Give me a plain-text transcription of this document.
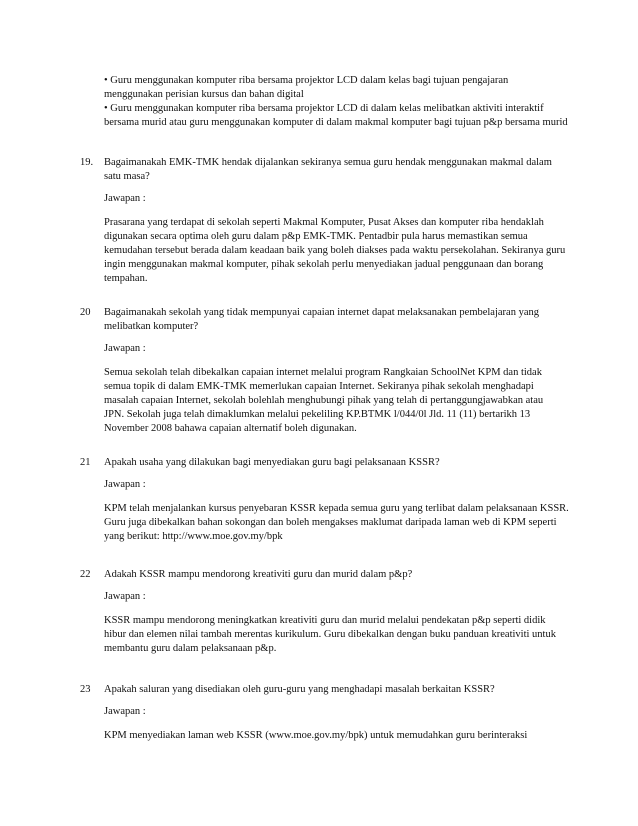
• Guru menggunakan komputer riba bersama projektor LCD dalam kelas bagi tujuan pengajaran

menggunakan perisian kursus dan bahan digital

• Guru menggunakan komputer riba bersama projektor LCD di dalam kelas melibatkan aktiviti interaktif

bersama murid atau guru menggunakan komputer di dalam makmal komputer bagi tujuan p&p bersama murid

19.	Bagaimanakah EMK-TMK hendak dijalankan sekiranya semua guru hendak menggunakan makmal dalam

satu masa?

Jawapan :

Prasarana yang terdapat di sekolah seperti Makmal Komputer, Pusat Akses dan komputer riba hendaklah

digunakan secara optima oleh guru dalam p&p EMK-TMK. Pentadbir pula harus memastikan semua

kemudahan tersebut berada dalam keadaan baik yang boleh diakses pada waktu persekolahan. Sekiranya guru

ingin menggunakan makmal komputer, pihak sekolah perlu menyediakan jadual penggunaan dan borang

tempahan.

20	Bagaimanakah sekolah yang tidak mempunyai capaian internet dapat melaksanakan pembelajaran yang

melibatkan komputer?

Jawapan :

Semua sekolah telah dibekalkan capaian internet melalui program Rangkaian SchoolNet KPM dan tidak

semua topik di dalam EMK-TMK memerlukan capaian Internet. Sekiranya pihak sekolah menghadapi

masalah capaian Internet, sekolah bolehlah menghubungi pihak yang telah di pertanggungjawabkan atau

JPN. Sekolah juga telah dimaklumkan melalui pekeliling KP.BTMK l/044/0l Jld. 11 (11) bertarikh 13

November 2008 bahawa capaian alternatif boleh digunakan.

21	Apakah usaha yang dilakukan bagi menyediakan guru bagi pelaksanaan KSSR?

Jawapan :

KPM telah menjalankan kursus penyebaran KSSR kepada semua guru yang terlibat dalam pelaksanaan KSSR.

Guru juga dibekalkan bahan sokongan dan boleh mengakses maklumat daripada laman web di KPM seperti

yang berikut: http://www.moe.gov.my/bpk

22	Adakah KSSR mampu mendorong kreativiti guru dan murid dalam p&p?

Jawapan :

KSSR mampu mendorong meningkatkan kreativiti guru dan murid melalui pendekatan p&p seperti didik

hibur dan elemen nilai tambah merentas kurikulum. Guru dibekalkan dengan buku panduan kreativiti untuk

membantu guru dalam pelaksanaan p&p.

23	Apakah saluran yang disediakan oleh guru-guru yang menghadapi masalah berkaitan KSSR?

Jawapan :

KPM menyediakan laman web KSSR (www.moe.gov.my/bpk) untuk memudahkan guru berinteraksi
